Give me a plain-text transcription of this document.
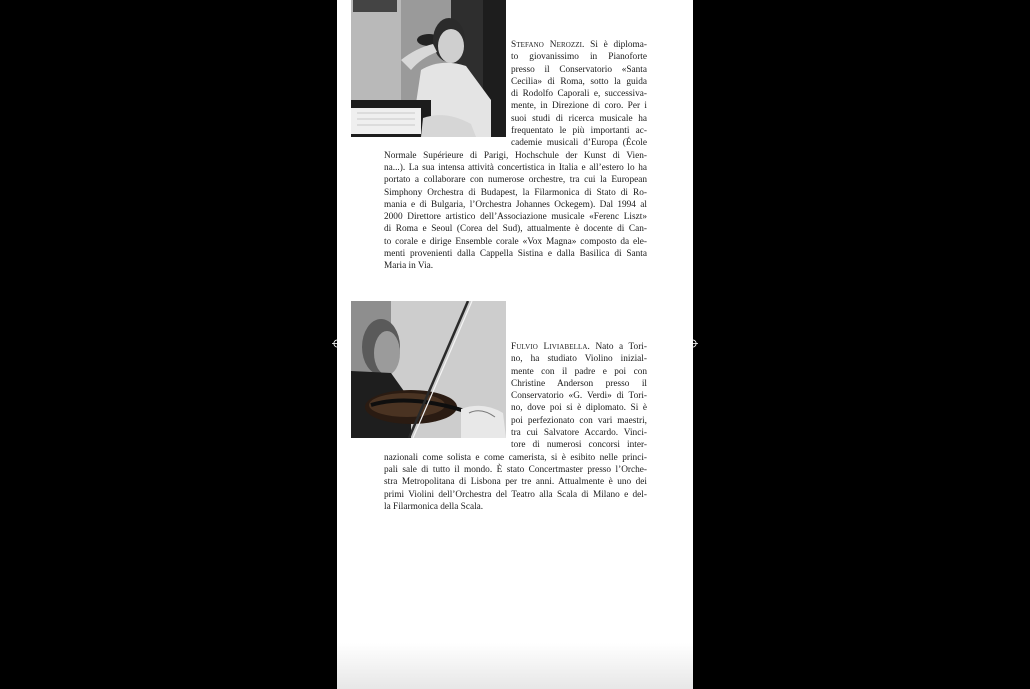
Stefano Nerozzi. Si è diploma-
to giovanissimo in Pianoforte
presso il Conservatorio «Santa
Cecilia» di Roma, sotto la guida
di Rodolfo Caporali e, successiva-
mente, in Direzione di coro. Per i
suoi studi di ricerca musicale ha
frequentato le più importanti ac-
cademie musicali d’Europa (École
Normale Supérieure di Parigi, Hochschule der Kunst di Vien-
na...). La sua intensa attività concertistica in Italia e all’estero lo ha
portato a collaborare con numerose orchestre, tra cui la European
Simphony Orchestra di Budapest, la Filarmonica di Stato di Ro-
mania e di Bulgaria, l’Orchestra Johannes Ockegem). Dal 1994 al
2000 Direttore artistico dell’Associazione musicale «Ferenc Liszt»
di Roma e Seoul (Corea del Sud), attualmente è docente di Can-
to corale e dirige Ensemble corale «Vox Magna» composto da ele-
menti provenienti dalla Cappella Sistina e dalla Basilica di Santa
Maria in Via.
Fulvio Liviabella. Nato a Tori-
no, ha studiato Violino inizial-
mente con il padre e poi con
Christine Anderson presso il
Conservatorio «G. Verdi» di Tori-
no, dove poi si è diplomato. Si è
poi perfezionato con vari maestri,
tra cui Salvatore Accardo. Vinci-
tore di numerosi concorsi inter-
nazionali come solista e come camerista, si è esibito nelle princi-
pali sale di tutto il mondo. È stato Concertmaster presso l’Orche-
stra Metropolitana di Lisbona per tre anni. Attualmente è uno dei
primi Violini dell’Orchestra del Teatro alla Scala di Milano e del-
la Filarmonica della Scala.
